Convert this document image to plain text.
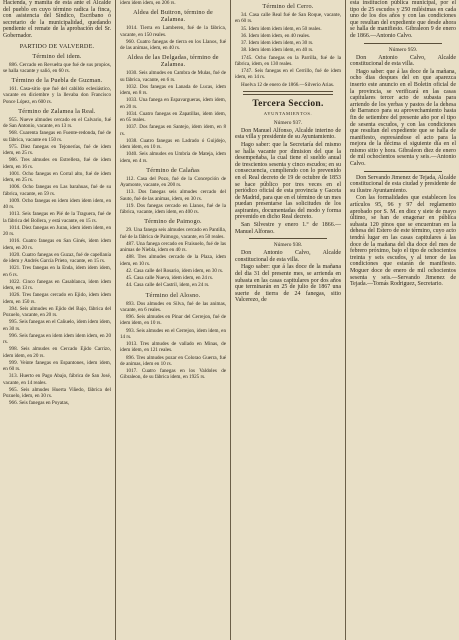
Hacienda, y mamita de esta ante el Alcalde del pueblo en cuyo término radica la finca, con asistencia del Síndico, Escribano ó secretario de la municipalidad, quedando pendiente el remate de la aprobación del Sr. Gobernador.

PARTIDO DE VALVERDE.
Término del idem.

886. Cercado en Revuelta que fué de sus propios, se halla vacante y salió, en 60 rs.

Término de la Puebla de Guzman.

161. Casa-sitio que fué del cabildo eclesiástico, vacante en diciembre y la llevaba don Francisco Ponce López, en 600 rs.

Término de Zalamea la Real.

955. Nueve almudes cercado en el Calvario, fué de San Antonio, vacante, en 13 rs.

968. Cuarenta fanegas en Fuente-redonda, fué de su fábrica, vacante en 150 rs.

975. Diez fanegas en Tejonerías, fué de idem idem, en 25 rs.

986. Tres almudes en Estrellera, fué de idem idem, en 16 rs.

1001. Ocho fanegas en Corral alto, fué de idem idem, en 25 rs.

1006. Ocho fanegas en Las barahuas, fué de su fábrica, vacante, en 59 rs.

1009. Ocho fanegas en idem idem idem idem, en 40 rs.

1013. Seis fanegas en Pié de la Traguera, fué de la fábrica del Bollera, y está vacante, en 15 rs.

1014. Diez fanegas en Juran, idem idem idem, en 20 rs.

1016. Cuatro fanegas en San Ginés, idem idem idem, en 20 rs.

1020. Cuatro fanegas en Guzaz, fué de capellanía de idem y Andrés García Prieto, vacante, en 15 rs.

1021. Tres fanegas en la Enda, idem idem idem, en 6 rs.

1022. Cinco fanegas en Casablanca, idem idem idem, en 13 rs.

1026. Tres fanegas cercado en Ejido, idem idem idem, en 150 rs.

394. Seis almudes en Ejido del Bajo, fábrica del Pozuelo, vacante, en 20 rs.

995. Seis fanegas en el Cañuelo, idem idem idem, en 30 rs.

996. Seis fanegas en idem idem idem idem, en 20 rs.

998. Seis almudes en Cercado Ejido Carrizo, idem idem, en 20 rs.

999. Veinte fanegas en Espantones, idem idem, en 60 rs.

313. Huerto en Pago Abajo, fábrica de San José, vacante, en 14 reales.

965. Seis almudes Huerta Viñedo, fábrica del Pozuelo, idem, en 30 rs.

966. Seis fanegas en Poyatas,

idem idem idem, en 206 rs.

Aldea del Buitron, término de Zalamea.

1014. Tierra en Lamberen, fué de la fábrica, vacante, en 150 reales.

960. Cuatro fanegas de tierra en los Llanos, fué de las animas, idem, en 40 rs.

Aldea de las Delgadas, término de Zalamea.

1030. Seis almudes en Cambra de Mulas, fué de su fábrica, vacante, en 6 rs.

1032. Dos fanegas en Lanada de Lucas, idem idem, en 8 rs.

1033. Una fanega en Espavargueras, idem idem, en 20 rs.

1034. Cuatro fanegas en Zapatillas, idem idem, en 65 reales.

1037. Dos fanegas en Santejo, idem idem, en 8 rs.

1038. Cuatro fanegas en Ladrado ó Guijdejo, idem idem, en 10 rs.

1040. Seis almudes en Umbría de Mateja, idem idem, en 4 rs.

Término de Calañas

112. Casa del Pozo, fué de la Concepción de Ayamonte, vacante, en 200 rs.

113. Dos fanegas seis almudes cercado del Sauto, fué de las animas, idem, en 30 rs.

119. Dos fanegas cercado en Llanos, fué de la fábrica, vacante, idem idem, en 400 rs.

Término de Paimogo.

29. Una fanega seis almudes cercado en Pantilla, fué de la fábrica de Paimogo, vacante, en 50 reales.

487. Una fanega cercado en Fraisuelo, fué de las animas de Niebla, idem en 40 rs.

488. Tres almudes cercado de la Plaza, idem idem, en 10 rs.

42. Casa calle del Rosario, idem idem, en 30 rs.

45. Casa calle Nueva, idem idem, en 24 rs.

44. Casa calle del Castril, idem, en 24 rs.

Término del Alosno.

893. Dos almudes en Silva, fué de las animas, vacante, en 6 reales.

896. Seis almudes en Pinar del Cerrejon, fué de idem idem, en 10 rs.

993. Seis almudes en el Cerrejon, idem idem, en 14 rs.

1013. Tres almudes de vallado en Minas, de idem idem, en 121 reales.

896. Tres almudes pozar en Colorao Guerra, fué de animas, idem en 10 rs.

1017. Cuatro fanegas en los Valdoles de Gibraleon, de su fábrica idem, en 1925 rs.

Término del Cerro.

34. Casa calle Real fué de San Roque, vacante, en 60 rs.

35. Idem idem idem idem, en 50 reales.

36. Idem idem idem, en 40 reales.

37. Idem idem idem idem, en 30 rs.

38. Idem idem idem idem, en 40 rs.

1745. Ocho fanegas en la Parrilla, fué de la fábrica, idem, en 130 reales.

1747. Seis fanegas en el Cerrillo, fué de idem idem, en 14 rs.

Huelva 12 de enero de 1866.—Silverio Arias.

Tercera Seccion.
AYUNTAMIENTOS.
Número 937.

Don Manuel Alfonso, Alcalde interino de esta villa y presidente de su Ayuntamiento.

Hago saber: que la Secretaría del mismo se halla vacante por dimision del que la desempeñaba, la cual tiene el sueldo anual de trescientos sesenta y cinco escudos; en su consecuencia, cumpliendo con lo prevenido en el Real decreto de 19 de octubre de 1853 se hace público por tres veces en el periódico oficial de esta provincia y Gaceta de Madrid, para que en el término de un mes puedan presentarse las solicitudes de los aspirantes, documentadas del modo y forma prevenido en dicho Real decreto.

San Silvestre y enero 1.º de 1866.—Manuel Alfonso.

Número 938.

Don Antonio Calvo, Alcalde constitucional de esta villa.

Hago saber: que á las doce de la mañana del dia 31 del presente mes, se arrienda en subasta en las casas capitulares por dos años que terminarán en 25 de julio de 1867 una suerte de tierra de 24 fanegas, sitio Valcerezo, de

esta institucion pública municipal, por el tipo de 25 escudos y 250 milésimas en cada uno de los dos años y con las condiciones que resultan del expediente que desde ahora se halla de manifiesto. Gibraleon 9 de enero de 1866.—Antonio Calvo.

Número 959.

Don Antonio Calvo, Alcalde constitucional de esta villa.

Hago saber: que á las doce de la mañana, ocho dias despues del en que aparezca inserto este anuncio en el Boletin oficial de la provincia, se verificará en las casas capitulares tercer acto de subasta para arriendo de los yerbas y pastos de la dehesa de Barranco para su aprovechamiento hasta fin de setiembre del presente año por el tipo de sesenta escudos, y con las condiciones que resultan del expediente que se halla de manifiesto, espresándose el acto para la mejora de la décima el siguiente dia en el mismo sitio y hora. Gibraleon diez de enero de mil ochocientos sesenta y seis.—Antonio Calvo.

Don Servando Jimenez de Tejada, Alcalde constitucional de esta ciudad y presidente de su ilustre Ayuntamiento.

Con las formalidades que establecen los artículos 95, 96 y 97 del reglamento aprobado por S. M. en diez y siete de mayo último, se han de enagenar en pública subasta 120 pinos que se encuentran en la dehesa del Estero de este término, cuyo acto tendrá lugar en las casas capitulares á las doce de la mañana del dia doce del mes de febrero próximo, bajo el tipo de ochocientos treinta y seis escudos, y al tenor de las condiciones que estarán de manifiesto. Moguer doce de enero de mil ochocientos sesenta y seis.—Servando Jimenez de Tejada.—Tomás Rodriguez, Secretario.
